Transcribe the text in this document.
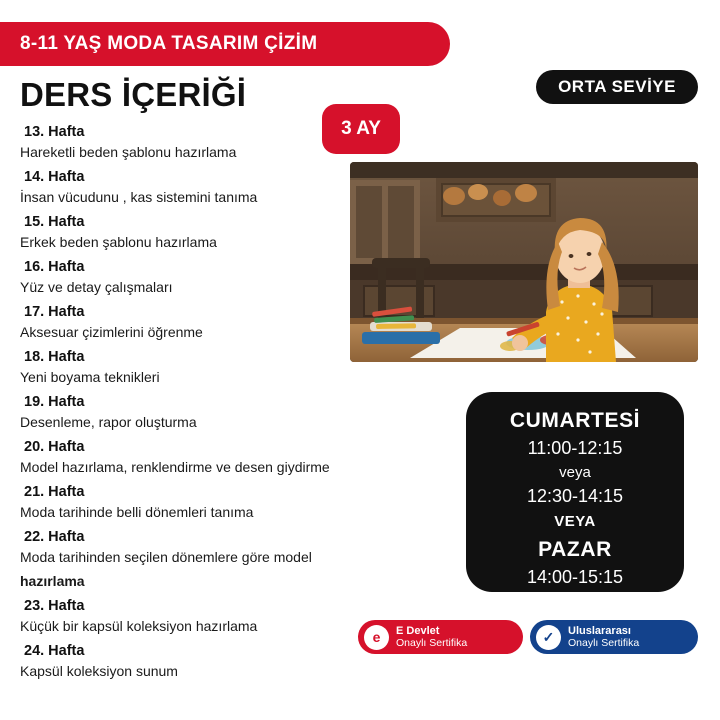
8-11 YAŞ MODA TASARIM ÇİZİM
ORTA SEVİYE
DERS İÇERİĞİ
3 AY
13. Hafta
Hareketli beden şablonu hazırlama
14. Hafta
İnsan vücudunu , kas sistemini tanıma
15. Hafta
Erkek beden şablonu hazırlama
16. Hafta
Yüz ve detay çalışmaları
17. Hafta
Aksesuar çizimlerini öğrenme
18. Hafta
Yeni boyama teknikleri
19. Hafta
Desenleme, rapor oluşturma
20. Hafta
Model hazırlama, renklendirme ve desen giydirme
21. Hafta
Moda tarihinde belli dönemleri tanıma
22. Hafta
Moda tarihinden seçilen dönemlere göre model
hazırlama
23. Hafta
Küçük bir kapsül koleksiyon hazırlama
24. Hafta
Kapsül koleksiyon sunum
CUMARTESİ
11:00-12:15
veya
12:30-14:15
VEYA
PAZAR
14:00-15:15
e E Devlet
Onaylı Sertifika	✓ Uluslararası
Onaylı Sertifika
